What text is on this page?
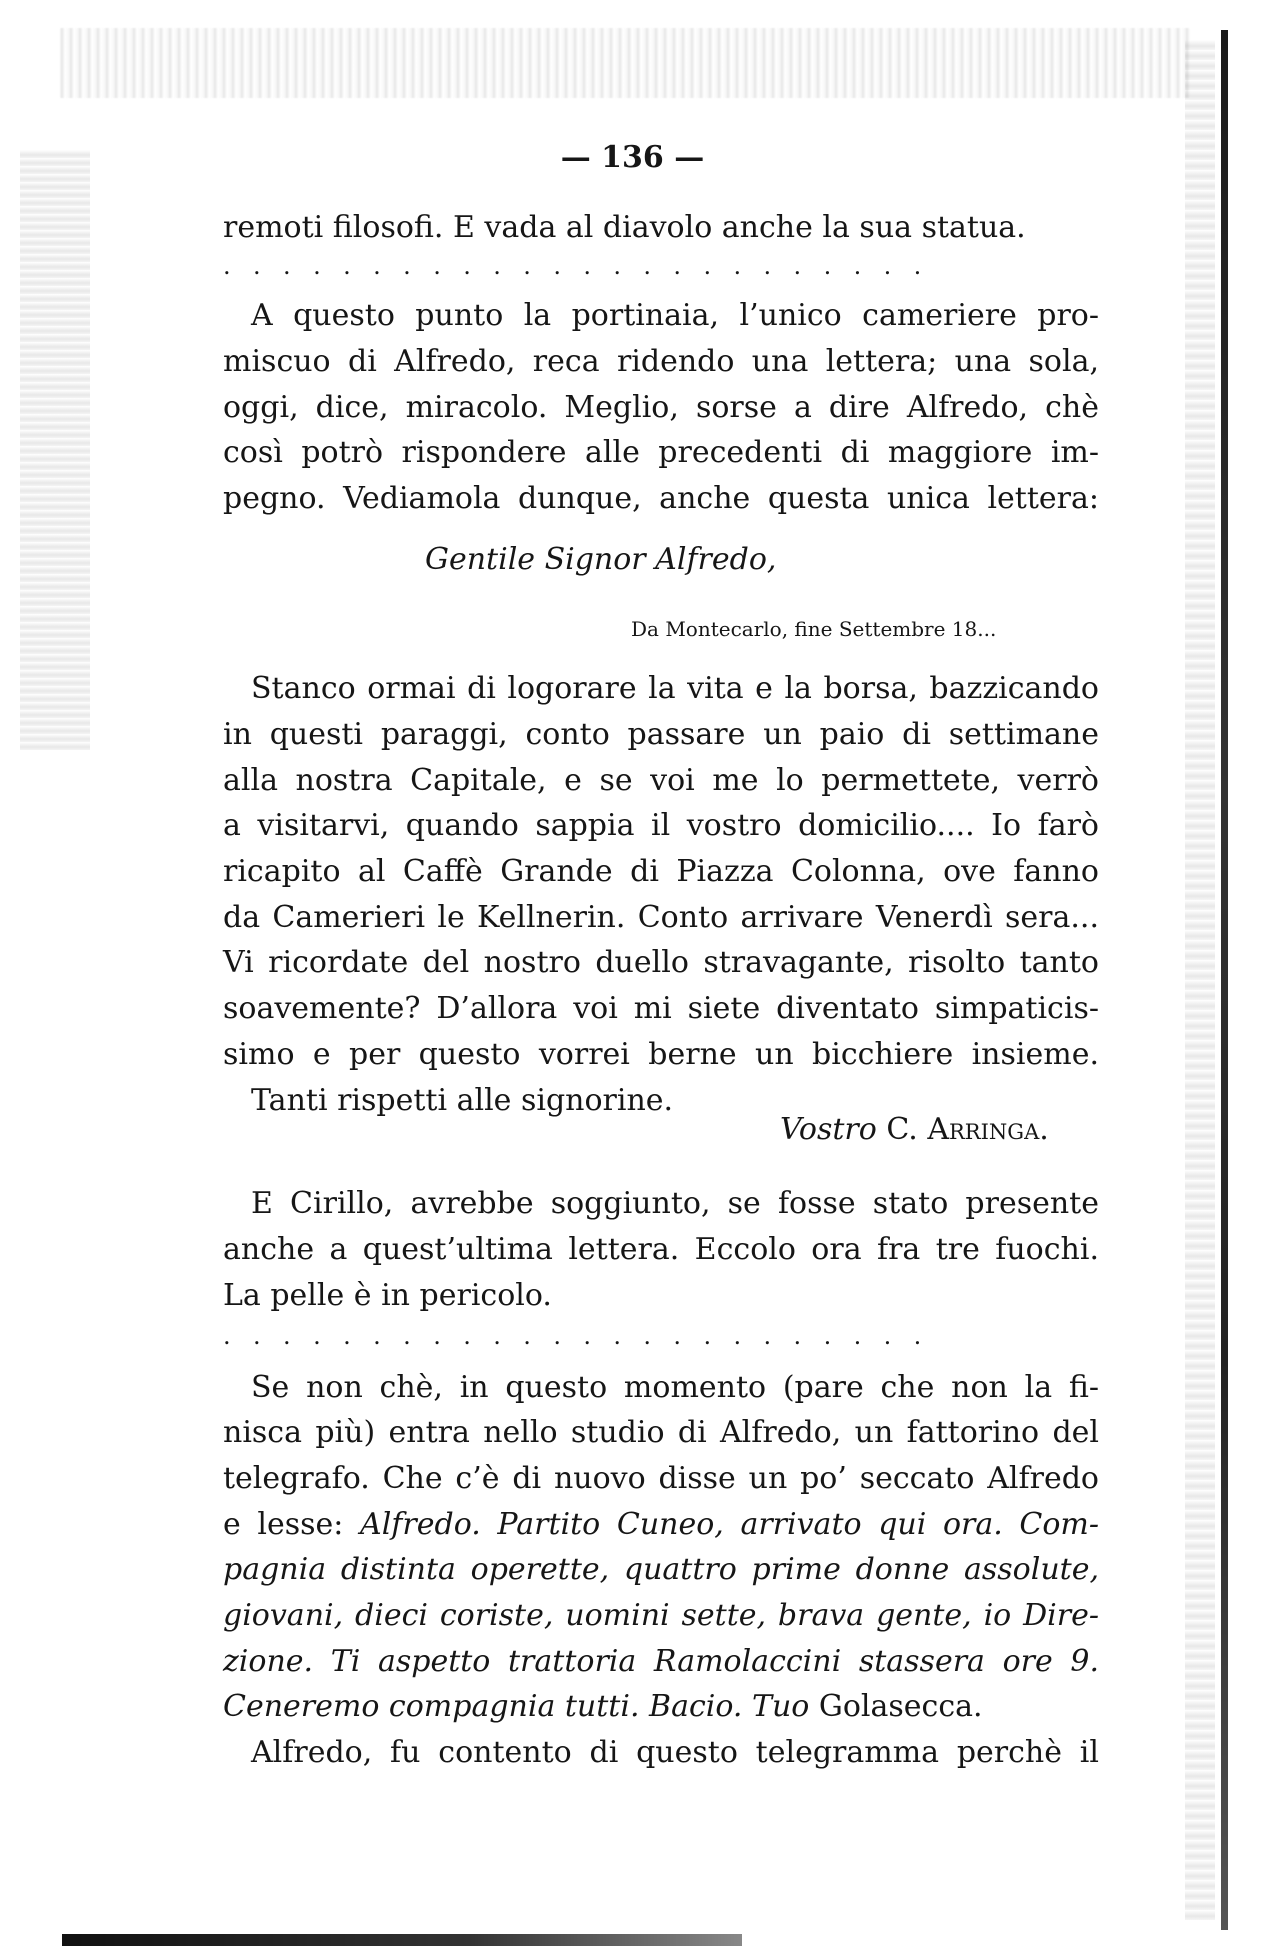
— 136 —

remoti filosofi. E vada al diavolo anche la sua statua.

........................

A questo punto la portinaia, l’unico cameriere pro-

miscuo di Alfredo, reca ridendo una lettera; una sola,

oggi, dice, miracolo. Meglio, sorse a dire Alfredo, chè

così potrò rispondere alle precedenti di maggiore im-

pegno. Vediamola dunque, anche questa unica lettera:

Gentile Signor Alfredo,

Da Montecarlo, fine Settembre 18...

Stanco ormai di logorare la vita e la borsa, bazzicando

in questi paraggi, conto passare un paio di settimane

alla nostra Capitale, e se voi me lo permettete, verrò

a visitarvi, quando sappia il vostro domicilio.... Io farò

ricapito al Caffè Grande di Piazza Colonna, ove fanno

da Camerieri le Kellnerin. Conto arrivare Venerdì sera...

Vi ricordate del nostro duello stravagante, risolto tanto

soavemente? D’allora voi mi siete diventato simpaticis-

simo e per questo vorrei berne un bicchiere insieme.

Tanti rispetti alle signorine.

Vostro C. Arringa.

E Cirillo, avrebbe soggiunto, se fosse stato presente

anche a quest’ultima lettera. Eccolo ora fra tre fuochi.

La pelle è in pericolo.

........................

Se non chè, in questo momento (pare che non la fi-

nisca più) entra nello studio di Alfredo, un fattorino del

telegrafo. Che c’è di nuovo disse un po’ seccato Alfredo

e lesse: Alfredo. Partito Cuneo, arrivato qui ora. Com-

pagnia distinta operette, quattro prime donne assolute,

giovani, dieci coriste, uomini sette, brava gente, io Dire-

zione. Ti aspetto trattoria Ramolaccini stassera ore 9.

Ceneremo compagnia tutti. Bacio. Tuo Golasecca.

Alfredo, fu contento di questo telegramma perchè il
